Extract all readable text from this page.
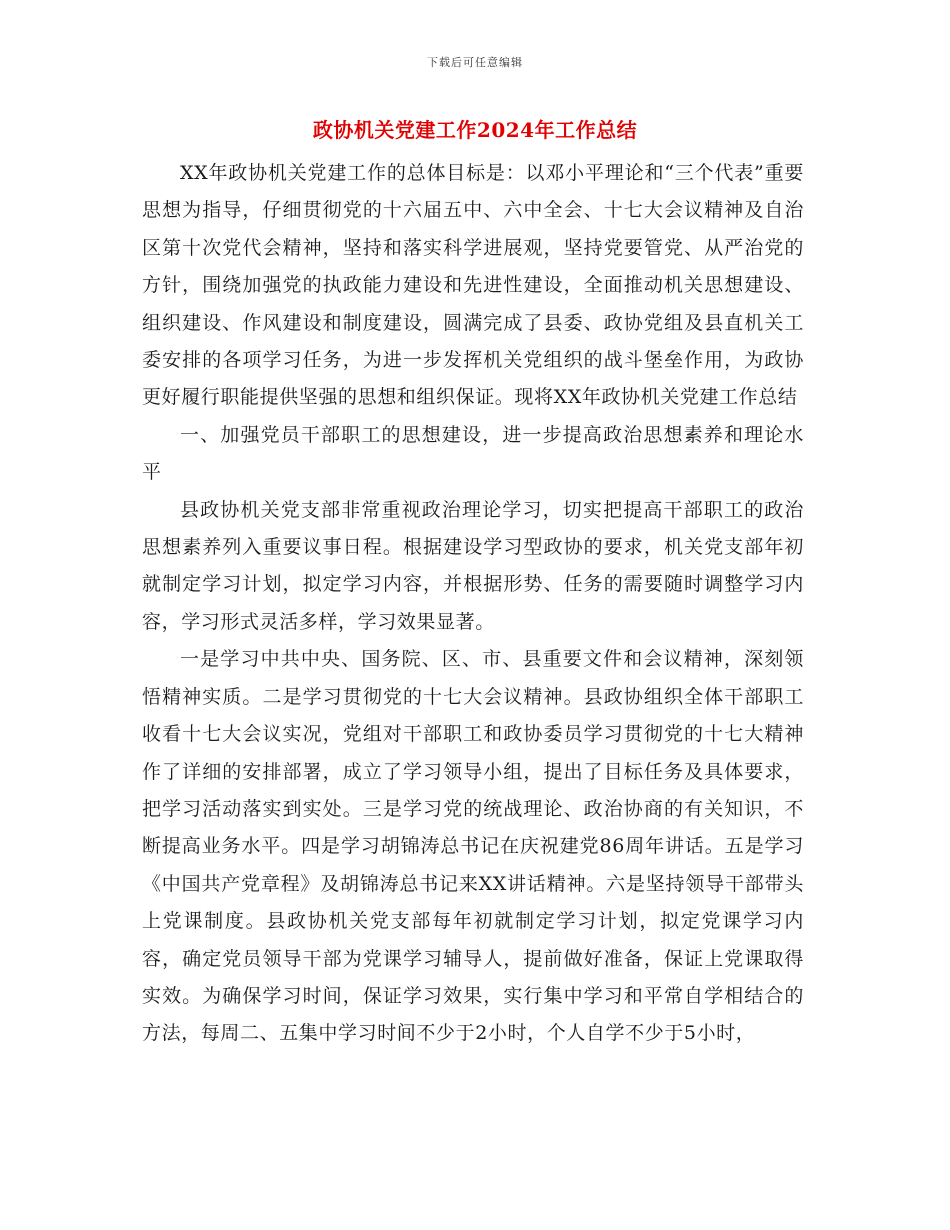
下载后可任意编辑
政协机关党建工作2024年工作总结

XX年政协机关党建工作的总体目标是：以邓小平理论和“三个代表”重要思想为指导，仔细贯彻党的十六届五中、六中全会、十七大会议精神及自治区第十次党代会精神，坚持和落实科学进展观，坚持党要管党、从严治党的方针，围绕加强党的执政能力建设和先进性建设，全面推动机关思想建设、组织建设、作风建设和制度建设，圆满完成了县委、政协党组及县直机关工委安排的各项学习任务，为进一步发挥机关党组织的战斗堡垒作用，为政协更好履行职能提供坚强的思想和组织保证。现将XX年政协机关党建工作总结

一、加强党员干部职工的思想建设，进一步提高政治思想素养和理论水平

县政协机关党支部非常重视政治理论学习，切实把提高干部职工的政治思想素养列入重要议事日程。根据建设学习型政协的要求，机关党支部年初就制定学习计划，拟定学习内容，并根据形势、任务的需要随时调整学习内容，学习形式灵活多样，学习效果显著。

一是学习中共中央、国务院、区、市、县重要文件和会议精神，深刻领悟精神实质。二是学习贯彻党的十七大会议精神。县政协组织全体干部职工收看十七大会议实况，党组对干部职工和政协委员学习贯彻党的十七大精神作了详细的安排部署，成立了学习领导小组，提出了目标任务及具体要求，把学习活动落实到实处。三是学习党的统战理论、政治协商的有关知识，不断提高业务水平。四是学习胡锦涛总书记在庆祝建党86周年讲话。五是学习《中国共产党章程》及胡锦涛总书记来XX讲话精神。六是坚持领导干部带头上党课制度。县政协机关党支部每年初就制定学习计划，拟定党课学习内容，确定党员领导干部为党课学习辅导人，提前做好准备，保证上党课取得实效。为确保学习时间，保证学习效果，实行集中学习和平常自学相结合的方法，每周二、五集中学习时间不少于2小时，个人自学不少于5小时，
